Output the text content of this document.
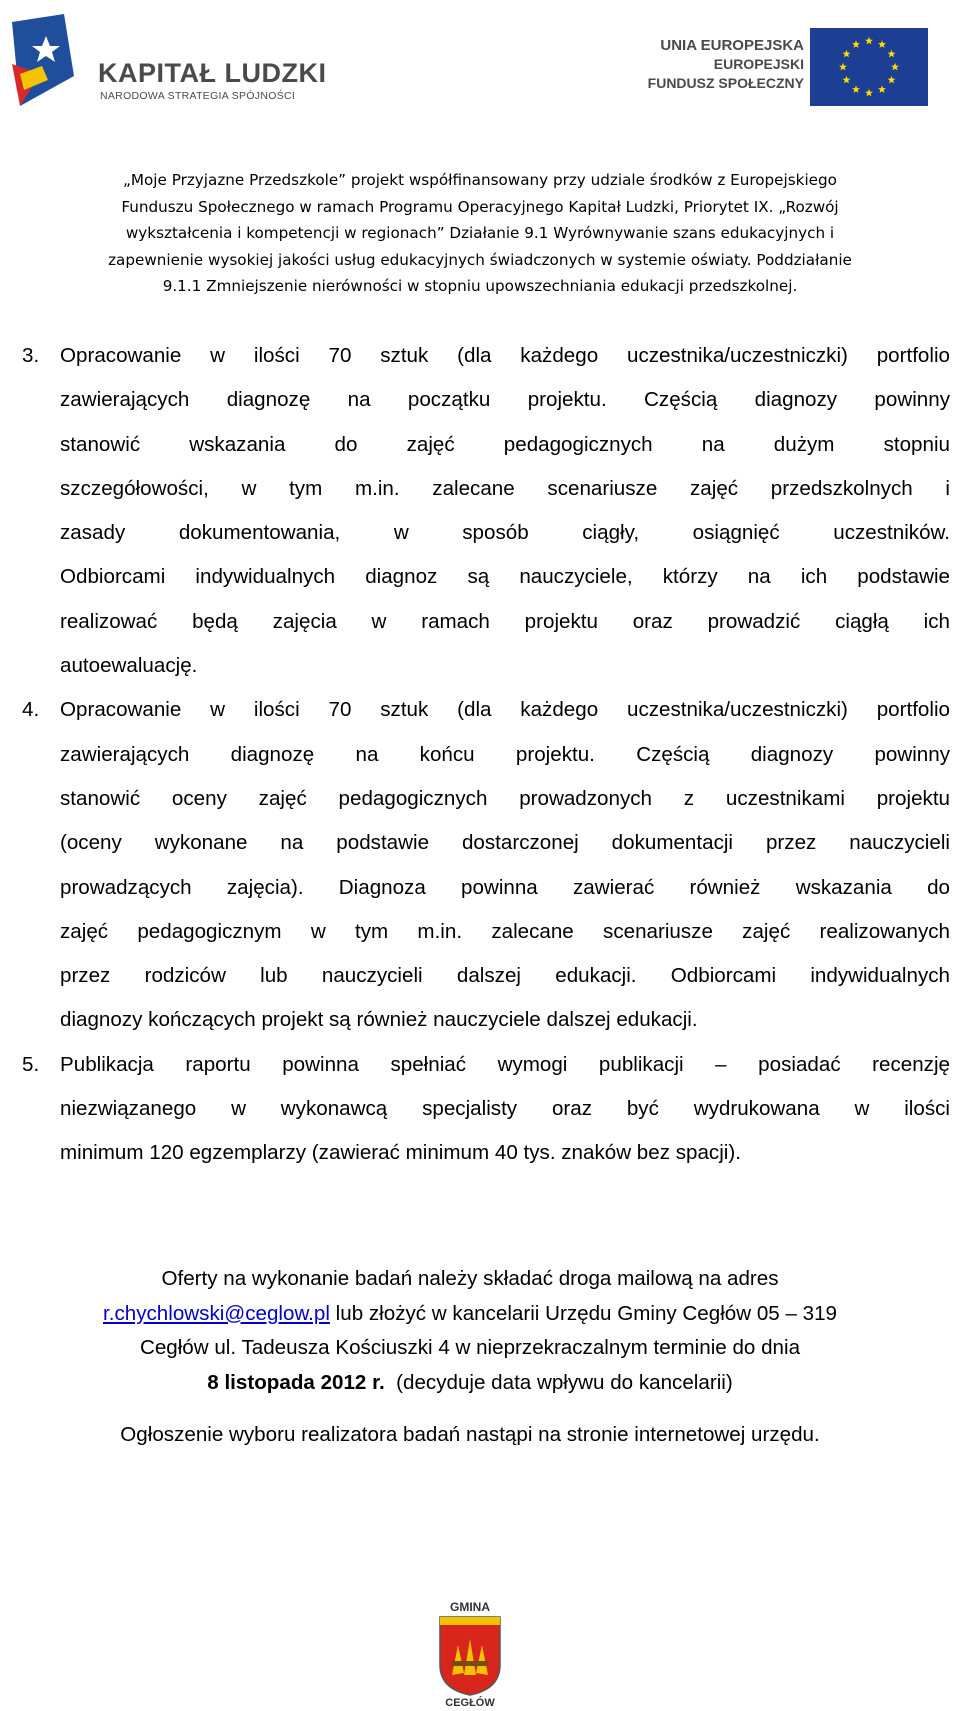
KAPITAŁ LUDZKI
NARODOWA STRATEGIA SPÓJNOŚCI
UNIA EUROPEJSKA
EUROPEJSKI
FUNDUSZ SPOŁECZNY
„Moje Przyjazne Przedszkole” projekt współfinansowany przy udziale środków z Europejskiego
Funduszu Społecznego w ramach Programu Operacyjnego Kapitał Ludzki, Priorytet IX. „Rozwój
wykształcenia i kompetencji w regionach” Działanie 9.1 Wyrównywanie szans edukacyjnych i
zapewnienie wysokiej jakości usług edukacyjnych świadczonych w systemie oświaty. Poddziałanie
9.1.1 Zmniejszenie nierówności w stopniu upowszechniania edukacji przedszkolnej.
3. Opracowanie w ilości 70 sztuk (dla każdego uczestnika/uczestniczki) portfolio
zawierających diagnozę na początku projektu. Częścią diagnozy powinny
stanowić wskazania do zajęć pedagogicznych na dużym stopniu
szczegółowości, w tym m.in. zalecane scenariusze zajęć przedszkolnych i
zasady dokumentowania, w sposób ciągły, osiągnięć uczestników.
Odbiorcami indywidualnych diagnoz są nauczyciele, którzy na ich podstawie
realizować będą zajęcia w ramach projektu oraz prowadzić ciągłą ich
autoewaluację.
4. Opracowanie w ilości 70 sztuk (dla każdego uczestnika/uczestniczki) portfolio
zawierających diagnozę na końcu projektu. Częścią diagnozy powinny
stanowić oceny zajęć pedagogicznych prowadzonych z uczestnikami projektu
(oceny wykonane na podstawie dostarczonej dokumentacji przez nauczycieli
prowadzących zajęcia). Diagnoza powinna zawierać również wskazania do
zajęć pedagogicznym w tym m.in. zalecane scenariusze zajęć realizowanych
przez rodziców lub nauczycieli dalszej edukacji. Odbiorcami indywidualnych
diagnozy kończących projekt są również nauczyciele dalszej edukacji.
5. Publikacja raportu powinna spełniać wymogi publikacji – posiadać recenzję
niezwiązanego w wykonawcą specjalisty oraz być wydrukowana w ilości
minimum 120 egzemplarzy (zawierać minimum 40 tys. znaków bez spacji).
Oferty na wykonanie badań należy składać droga mailową na adres
r.chychlowski@ceglow.pl lub złożyć w kancelarii Urzędu Gminy Cegłów 05 – 319
Cegłów ul. Tadeusza Kościuszki 4 w nieprzekraczalnym terminie do dnia
8 listopada 2012 r.  (decyduje data wpływu do kancelarii)
Ogłoszenie wyboru realizatora badań nastąpi na stronie internetowej urzędu.
GMINA
CEGŁÓW
